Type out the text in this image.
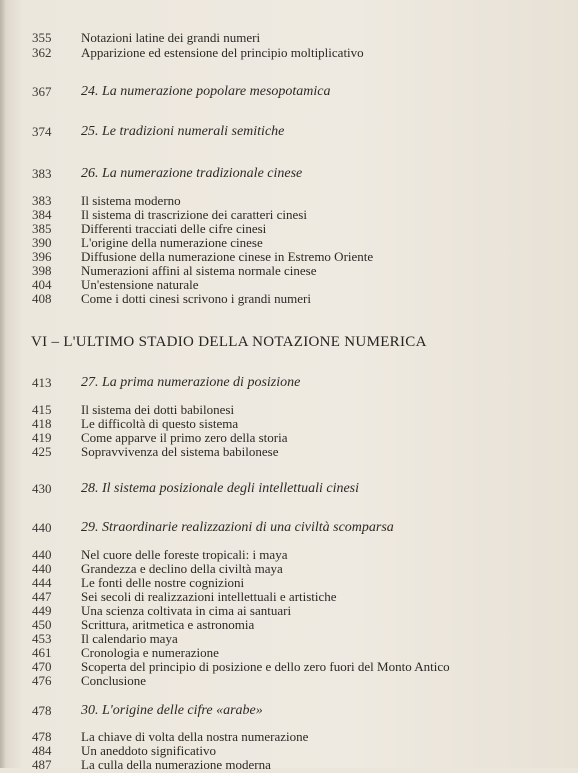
355	Notazioni latine dei grandi numeri
362	Apparizione ed estensione del principio moltiplicativo
367	24. La numerazione popolare mesopotamica
374	25. Le tradizioni numerali semitiche
383	26. La numerazione tradizionale cinese
383	Il sistema moderno
384	Il sistema di trascrizione dei caratteri cinesi
385	Differenti tracciati delle cifre cinesi
390	L'origine della numerazione cinese
396	Diffusione della numerazione cinese in Estremo Oriente
398	Numerazioni affini al sistema normale cinese
404	Un'estensione naturale
408	Come i dotti cinesi scrivono i grandi numeri
VI – L'ULTIMO STADIO DELLA NOTAZIONE NUMERICA
413	27. La prima numerazione di posizione
415	Il sistema dei dotti babilonesi
418	Le difficoltà di questo sistema
419	Come apparve il primo zero della storia
425	Sopravvivenza del sistema babilonese
430	28. Il sistema posizionale degli intellettuali cinesi
440	29. Straordinarie realizzazioni di una civiltà scomparsa
440	Nel cuore delle foreste tropicali: i maya
440	Grandezza e declino della civiltà maya
444	Le fonti delle nostre cognizioni
447	Sei secoli di realizzazioni intellettuali e artistiche
449	Una scienza coltivata in cima ai santuari
450	Scrittura, aritmetica e astronomia
453	Il calendario maya
461	Cronologia e numerazione
470	Scoperta del principio di posizione e dello zero fuori del Monto Antico
476	Conclusione
478	30. L'origine delle cifre «arabe»
478	La chiave di volta della nostra numerazione
484	Un aneddoto significativo
487	La culla della numerazione moderna
